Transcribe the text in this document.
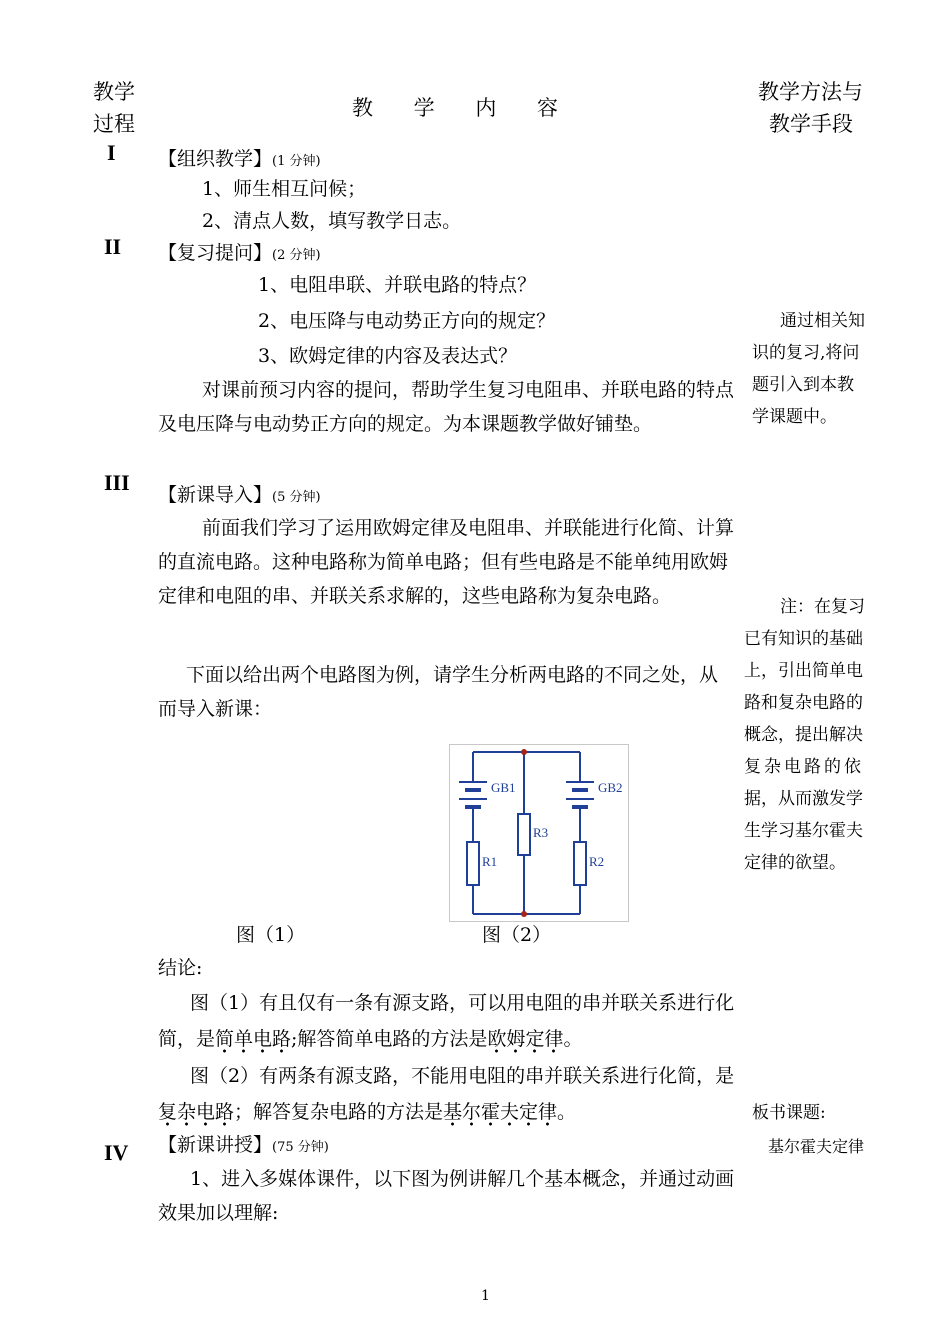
教学
过程
教 学 内 容
教学方法与
教学手段
I 【组织教学】(1 分钟)
1、师生相互问候；
2、清点人数，填写教学日志。
II 【复习提问】(2 分钟)
1、电阻串联、并联电路的特点？
2、电压降与电动势正方向的规定？
3、欧姆定律的内容及表达式？
对课前预习内容的提问，帮助学生复习电阻串、并联电路的特点及电压降与电动势正方向的规定。为本课题教学做好铺垫。
III 【新课导入】(5 分钟)
前面我们学习了运用欧姆定律及电阻串、并联能进行化简、计算的直流电路。这种电路称为简单电路；但有些电路是不能单纯用欧姆定律和电阻的串、并联关系求解的，这些电路称为复杂电路。
下面以给出两个电路图为例，请学生分析两电路的不同之处，从而导入新课：
GB1	GB2
R1
R3
R2
图（1）	图（2）
结论:
图（1）有且仅有一条有源支路，可以用电阻的串并联关系进行化简，是简单电路;解答简单电路的方法是欧姆定律。
图（2）有两条有源支路，不能用电阻的串并联关系进行化简，是复杂电路；解答复杂电路的方法是基尔霍夫定律。
IV 【新课讲授】(75 分钟)
1、进入多媒体课件，以下图为例讲解几个基本概念，并通过动画效果加以理解:
通过相关知
识的复习,将问
题引入到本教
学课题中。
注：在复习
已有知识的基础
上，引出简单电
路和复杂电路的
概念，提出解决
复杂电路的依
据，从而激发学
生学习基尔霍夫
定律的欲望。
板书课题:
基尔霍夫定律
1
